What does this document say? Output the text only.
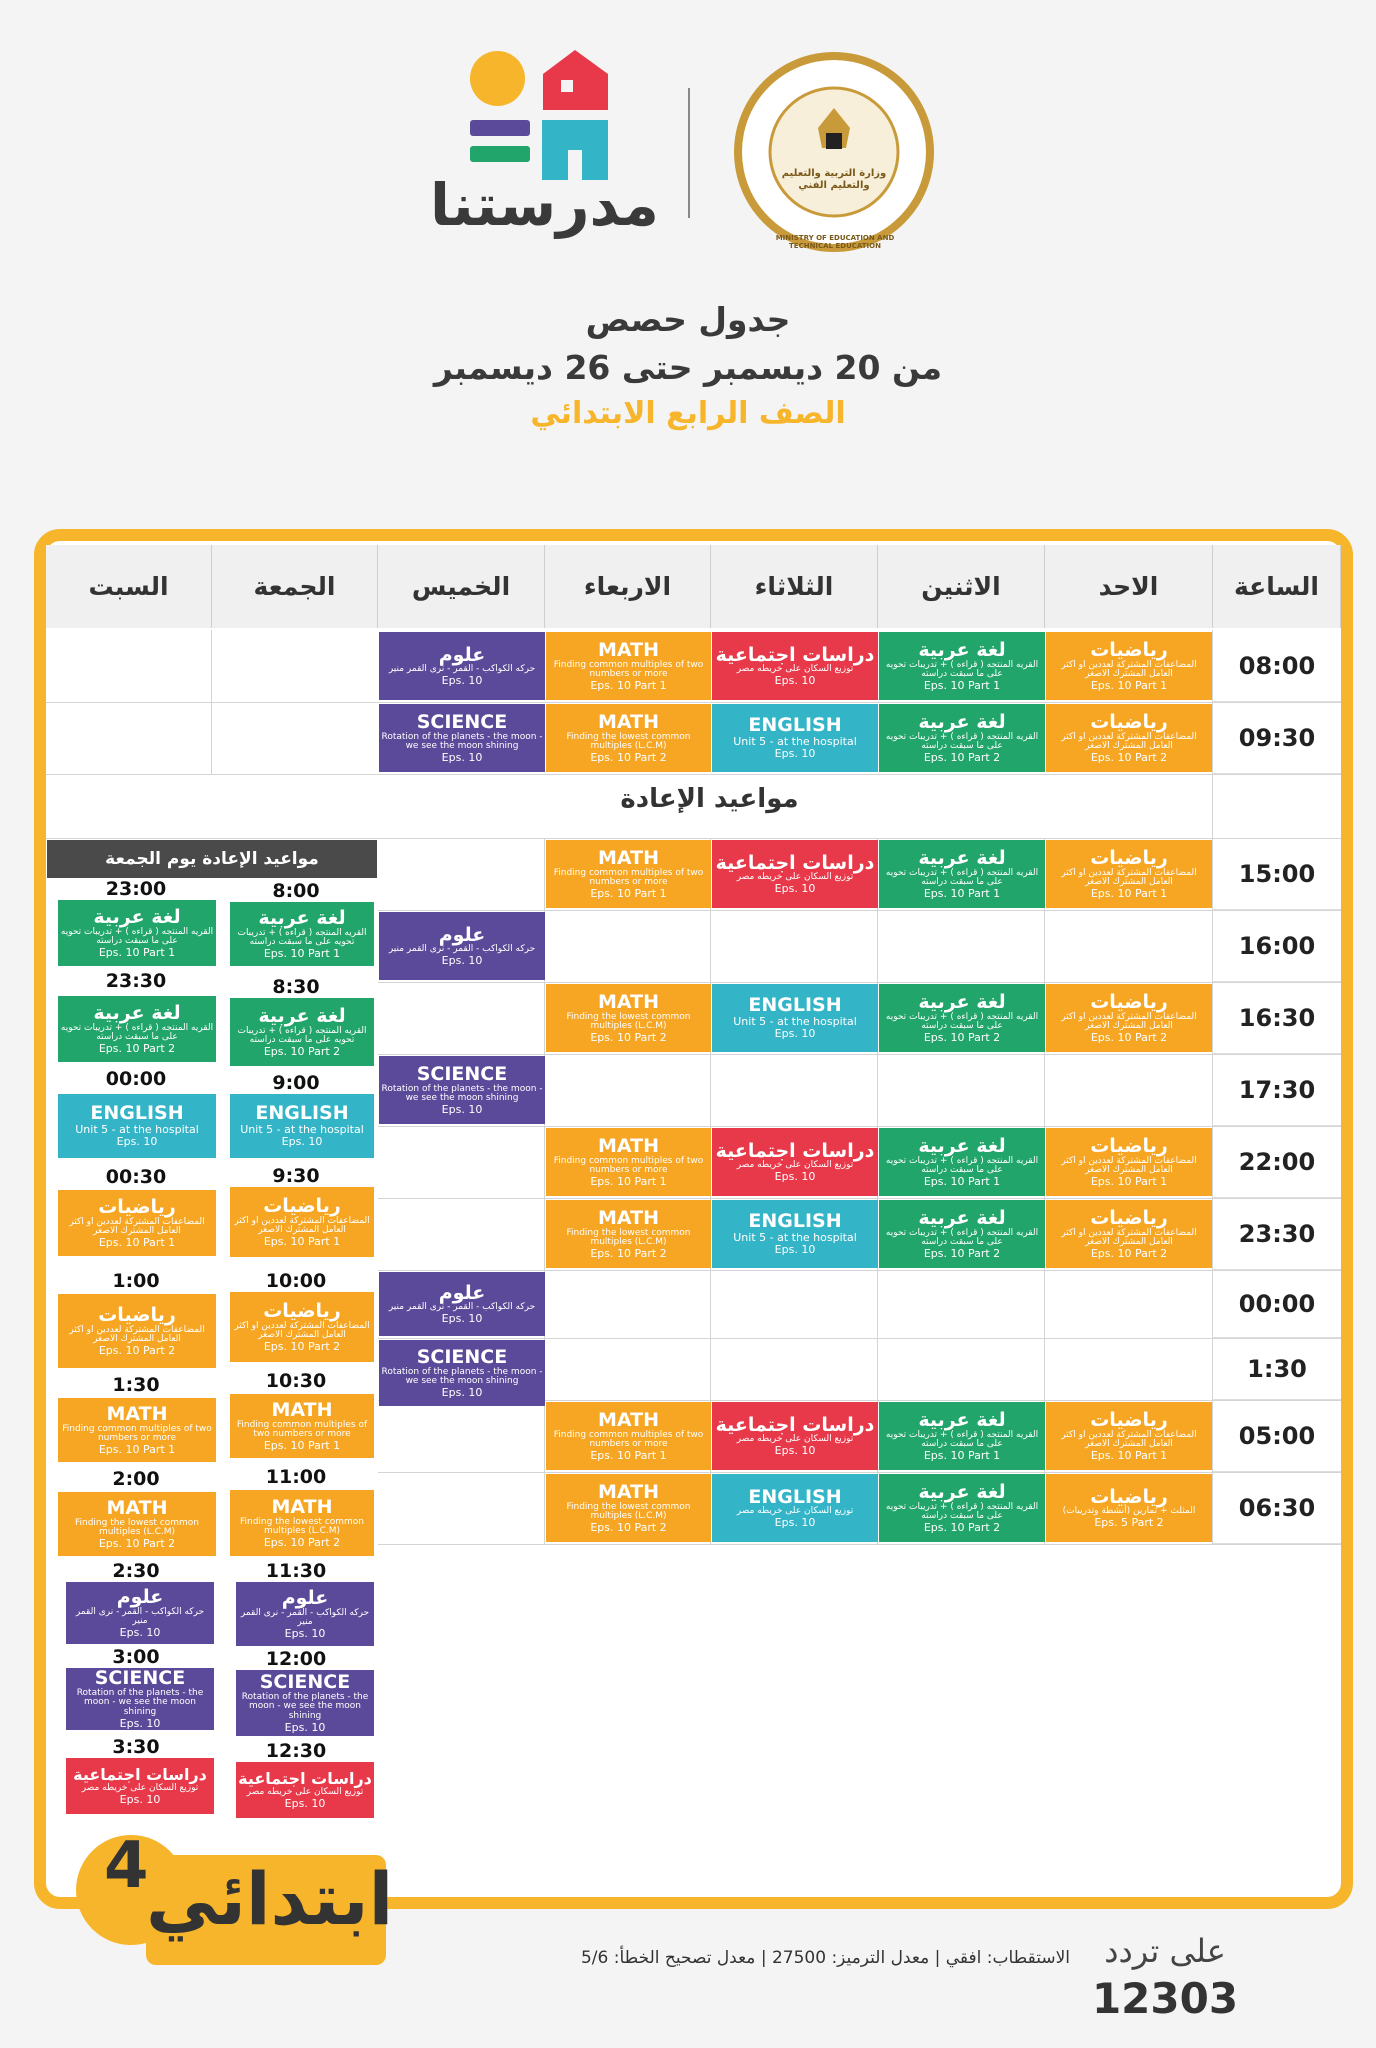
مدرستنا	MINISTRY OF EDUCATION AND TECHNICAL EDUCATION
وزارة التربية والتعليم والتعليم الفني
جدول حصص
من 20 ديسمبر حتى 26 ديسمبر
الصف الرابع الابتدائي
الساعة
الاحد
الاثنين
الثلاثاء
الاربعاء
الخميس
الجمعة
السبت
08:00
09:30
15:00
16:00
16:30
17:30
22:00
23:30
00:00
1:30
05:00
06:30
مواعيد الإعادة
رياضيات
المضاعفات المشتركة لعددين او اكثر العامل المشترك الاصغر
Eps. 10 Part 1
لغة عربية
القريه المنتجه ( قراءه ) + تدريبات تحويه على ما سبقت دراسته
Eps. 10 Part 1
دراسات اجتماعية
توزيع السكان على خريطه مصر
Eps. 10
MATH
Finding common multiples of two numbers or more
Eps. 10 Part 1
علوم
حركه الكواكب - القمر - نرى القمر منير
Eps. 10
رياضيات
المضاعفات المشتركة لعددين او اكثر العامل المشترك الاصغر
Eps. 10 Part 2
لغة عربية
القريه المنتجه ( قراءه ) + تدريبات تحويه على ما سبقت دراسته
Eps. 10 Part 2
ENGLISH
Unit 5 - at the hospital
Eps. 10
MATH
Finding the lowest common multiples (L.C.M)
Eps. 10 Part 2
SCIENCE
Rotation of the planets - the moon - we see the moon shining
Eps. 10
رياضيات
المضاعفات المشتركة لعددين او اكثر العامل المشترك الاصغر
Eps. 10 Part 1
لغة عربية
القريه المنتجه ( قراءه ) + تدريبات تحويه على ما سبقت دراسته
Eps. 10 Part 1
دراسات اجتماعية
توزيع السكان على خريطه مصر
Eps. 10
MATH
Finding common multiples of two numbers or more
Eps. 10 Part 1
علوم
حركه الكواكب - القمر - نرى القمر منير
Eps. 10
رياضيات
المضاعفات المشتركة لعددين او اكثر العامل المشترك الاصغر
Eps. 10 Part 2
لغة عربية
القريه المنتجه ( قراءه ) + تدريبات تحويه على ما سبقت دراسته
Eps. 10 Part 2
ENGLISH
Unit 5 - at the hospital
Eps. 10
MATH
Finding the lowest common multiples (L.C.M)
Eps. 10 Part 2
SCIENCE
Rotation of the planets - the moon - we see the moon shining
Eps. 10
رياضيات
المضاعفات المشتركة لعددين او اكثر العامل المشترك الاصغر
Eps. 10 Part 1
لغة عربية
القريه المنتجه ( قراءه ) + تدريبات تحويه على ما سبقت دراسته
Eps. 10 Part 1
دراسات اجتماعية
توزيع السكان على خريطه مصر
Eps. 10
MATH
Finding common multiples of two numbers or more
Eps. 10 Part 1
رياضيات
المضاعفات المشتركة لعددين او اكثر العامل المشترك الاصغر
Eps. 10 Part 2
لغة عربية
القريه المنتجه ( قراءه ) + تدريبات تحويه على ما سبقت دراسته
Eps. 10 Part 2
ENGLISH
Unit 5 - at the hospital
Eps. 10
MATH
Finding the lowest common multiples (L.C.M)
Eps. 10 Part 2
علوم
حركه الكواكب - القمر - نرى القمر منير
Eps. 10
SCIENCE
Rotation of the planets - the moon - we see the moon shining
Eps. 10
رياضيات
المضاعفات المشتركة لعددين او اكثر العامل المشترك الاصغر
Eps. 10 Part 1
لغة عربية
القريه المنتجه ( قراءه ) + تدريبات تحويه على ما سبقت دراسته
Eps. 10 Part 1
دراسات اجتماعية
توزيع السكان على خريطه مصر
Eps. 10
MATH
Finding common multiples of two numbers or more
Eps. 10 Part 1
رياضيات
المثلث + تمارين (أنشطة وتدريبات)
Eps. 5 Part 2
لغة عربية
القريه المنتجه ( قراءه ) + تدريبات تحويه على ما سبقت دراسته
Eps. 10 Part 2
ENGLISH
توزيع السكان على خريطه مصر
Eps. 10
MATH
Finding the lowest common multiples (L.C.M)
Eps. 10 Part 2
مواعيد الإعادة يوم الجمعة
8:00
لغة عربية
القريه المنتجه ( قراءه ) + تدريبات تحويه على ما سبقت دراسته
Eps. 10 Part 1
8:30
لغة عربية
القريه المنتجه ( قراءه ) + تدريبات تحويه على ما سبقت دراسته
Eps. 10 Part 2
9:00
ENGLISH
Unit 5 - at the hospital
Eps. 10
9:30
رياضيات
المضاعفات المشتركة لعددين او اكثر العامل المشترك الاصغر
Eps. 10 Part 1
10:00
رياضيات
المضاعفات المشتركة لعددين او اكثر العامل المشترك الاصغر
Eps. 10 Part 2
10:30
MATH
Finding common multiples of two numbers or more
Eps. 10 Part 1
11:00
MATH
Finding the lowest common multiples (L.C.M)
Eps. 10 Part 2
11:30
علوم
حركه الكواكب - القمر - نرى القمر منير
Eps. 10
12:00
SCIENCE
Rotation of the planets - the moon - we see the moon shining
Eps. 10
12:30
دراسات اجتماعية
توزيع السكان على خريطه مصر
Eps. 10
23:00
لغة عربية
القريه المنتجه ( قراءه ) + تدريبات تحويه على ما سبقت دراسته
Eps. 10 Part 1
23:30
لغة عربية
القريه المنتجه ( قراءه ) + تدريبات تحويه على ما سبقت دراسته
Eps. 10 Part 2
00:00
ENGLISH
Unit 5 - at the hospital
Eps. 10
00:30
رياضيات
المضاعفات المشتركة لعددين او اكثر العامل المشترك الاصغر
Eps. 10 Part 1
1:00
رياضيات
المضاعفات المشتركة لعددين او اكثر العامل المشترك الاصغر
Eps. 10 Part 2
1:30
MATH
Finding common multiples of two numbers or more
Eps. 10 Part 1
2:00
MATH
Finding the lowest common multiples (L.C.M)
Eps. 10 Part 2
2:30
علوم
حركه الكواكب - القمر - نرى القمر منير
Eps. 10
3:00
SCIENCE
Rotation of the planets - the moon - we see the moon shining
Eps. 10
3:30
دراسات اجتماعية
توزيع السكان على خريطه مصر
Eps. 10
4
ابتدائي
الاستقطاب: افقي | معدل الترميز: 27500 | معدل تصحيح الخطأ: 5/6	على تردد
12303
